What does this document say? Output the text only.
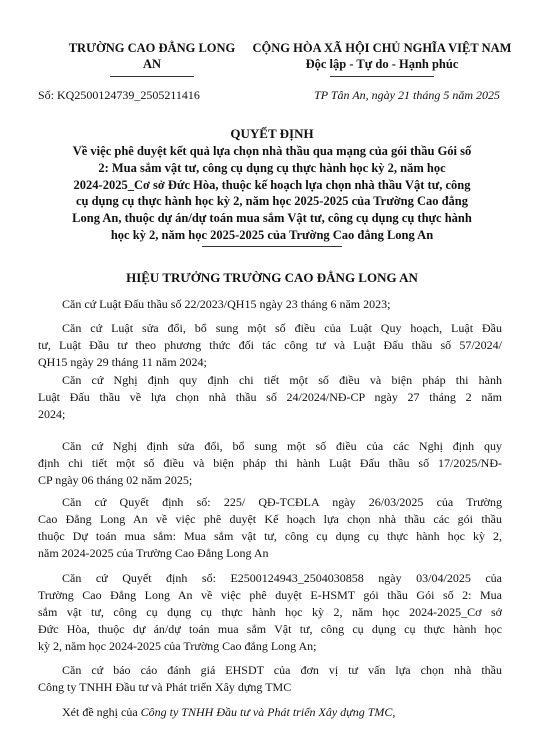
TRƯỜNG CAO ĐẲNG LONG
AN
CỘNG HÒA XÃ HỘI CHỦ NGHĨA VIỆT NAM
Độc lập - Tự do - Hạnh phúc
Số: KQ2500124739_2505211416	TP Tân An, ngày 21 tháng 5 năm 2025
QUYẾT ĐỊNH
Về việc phê duyệt kết quả lựa chọn nhà thầu qua mạng của gói thầu Gói số
2: Mua sắm vật tư, công cụ dụng cụ thực hành học kỳ 2, năm học
2024-2025_Cơ sở Đức Hòa, thuộc kế hoạch lựa chọn nhà thầu Vật tư, công
cụ dụng cụ thực hành học kỳ 2, năm học 2025-2025 của Trường Cao đẳng
Long An, thuộc dự án/dự toán mua sắm Vật tư, công cụ dụng cụ thực hành
học kỳ 2, năm học 2025-2025 của Trường Cao đẳng Long An
HIỆU TRƯỞNG TRƯỜNG CAO ĐẲNG LONG AN
Căn cứ Luật Đấu thầu số 22/2023/QH15 ngày 23 tháng 6 năm 2023;
Căn cứ Luật sửa đổi, bổ sung một số điều của Luật Quy hoạch, Luật Đầu
tư, Luật Đầu tư theo phương thức đối tác công tư và Luật Đấu thầu số 57/2024/
QH15 ngày 29 tháng 11 năm 2024;
Căn cứ Nghị định quy định chi tiết một số điều và biện pháp thi hành
Luật Đấu thầu về lựa chọn nhà thầu số 24/2024/NĐ-CP ngày 27 tháng 2 năm
2024;
Căn cứ Nghị định sửa đổi, bổ sung một số điều của các Nghị định quy
định chi tiết một số điều và biện pháp thi hành Luật Đấu thầu số 17/2025/NĐ-
CP ngày 06 tháng 02 năm 2025;
Căn cứ Quyết định số: 225/ QĐ-TCĐLA ngày 26/03/2025 của Trường
Cao Đẳng Long An về việc phê duyệt Kế hoạch lựa chọn nhà thầu các gói thầu
thuộc Dự toán mua sắm: Mua sắm vật tư, công cụ dụng cụ thực hành học kỳ 2,
năm 2024-2025 của Trường Cao Đẳng Long An
Căn cứ Quyết định số: E2500124943_2504030858 ngày 03/04/2025 của
Trường Cao Đẳng Long An về việc phê duyệt E-HSMT gói thầu Gói số 2: Mua
sắm vật tư, công cụ dụng cụ thực hành học kỳ 2, năm học 2024-2025_Cơ sở
Đức Hòa, thuộc dự án/dự toán mua sắm Vật tư, công cụ dụng cụ thực hành học
kỳ 2, năm học 2024-2025 của Trường Cao đẳng Long An;
Căn cứ báo cáo đánh giá EHSDT của đơn vị tư vấn lựa chọn nhà thầu
Công ty TNHH Đầu tư và Phát triển Xây dựng TMC
Xét đề nghị của Công ty TNHH Đầu tư và Phát triển Xây dựng TMC,
